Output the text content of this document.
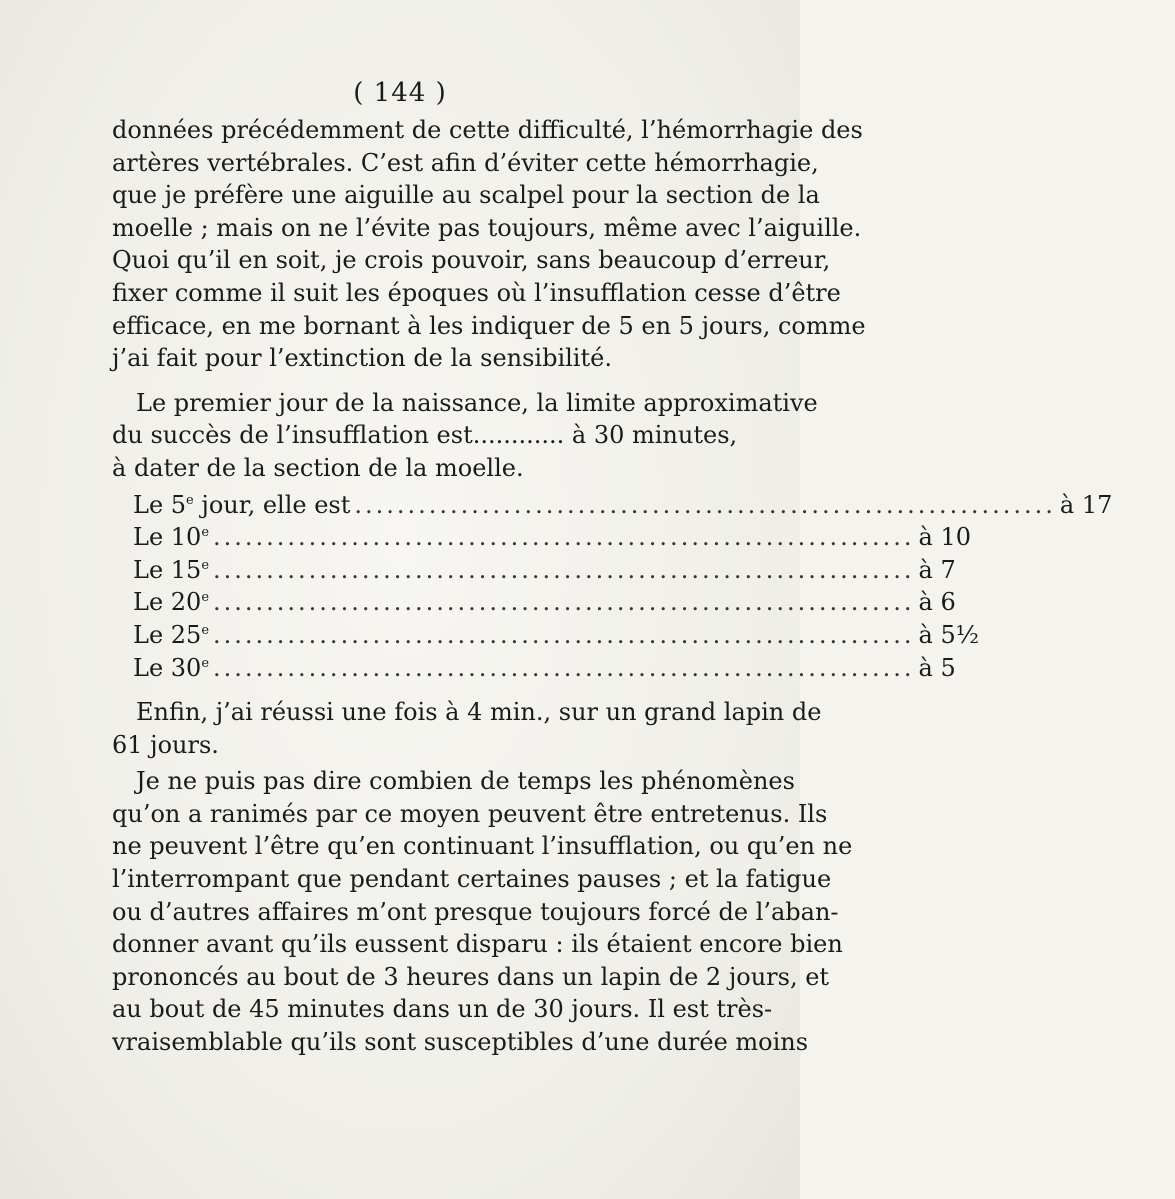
( 144 )
données précédemment de cette difficulté, l’hémorrhagie des
artères vertébrales. C’est afin d’éviter cette hémorrhagie,
que je préfère une aiguille au scalpel pour la section de la
moelle ; mais on ne l’évite pas toujours, même avec l’aiguille.
Quoi qu’il en soit, je crois pouvoir, sans beaucoup d’erreur,
fixer comme il suit les époques où l’insufflation cesse d’être
efficace, en me bornant à les indiquer de 5 en 5 jours, comme
j’ai fait pour l’extinction de la sensibilité.
Le premier jour de la naissance, la limite approximative
du succès de l’insufflation est............ à 30 minutes,
à dater de la section de la moelle.
Le 5e jour, elle est .................................................................. à 17
Le 10e .................................................................. à 10
Le 15e .................................................................. à 7
Le 20e .................................................................. à 6
Le 25e .................................................................. à 5½
Le 30e .................................................................. à 5
Enfin, j’ai réussi une fois à 4 min., sur un grand lapin de
61 jours.
Je ne puis pas dire combien de temps les phénomènes
qu’on a ranimés par ce moyen peuvent être entretenus. Ils
ne peuvent l’être qu’en continuant l’insufflation, ou qu’en ne
l’interrompant que pendant certaines pauses ; et la fatigue
ou d’autres affaires m’ont presque toujours forcé de l’aban-
donner avant qu’ils eussent disparu : ils étaient encore bien
prononcés au bout de 3 heures dans un lapin de 2 jours, et
au bout de 45 minutes dans un de 30 jours. Il est très-
vraisemblable qu’ils sont susceptibles d’une durée moins
